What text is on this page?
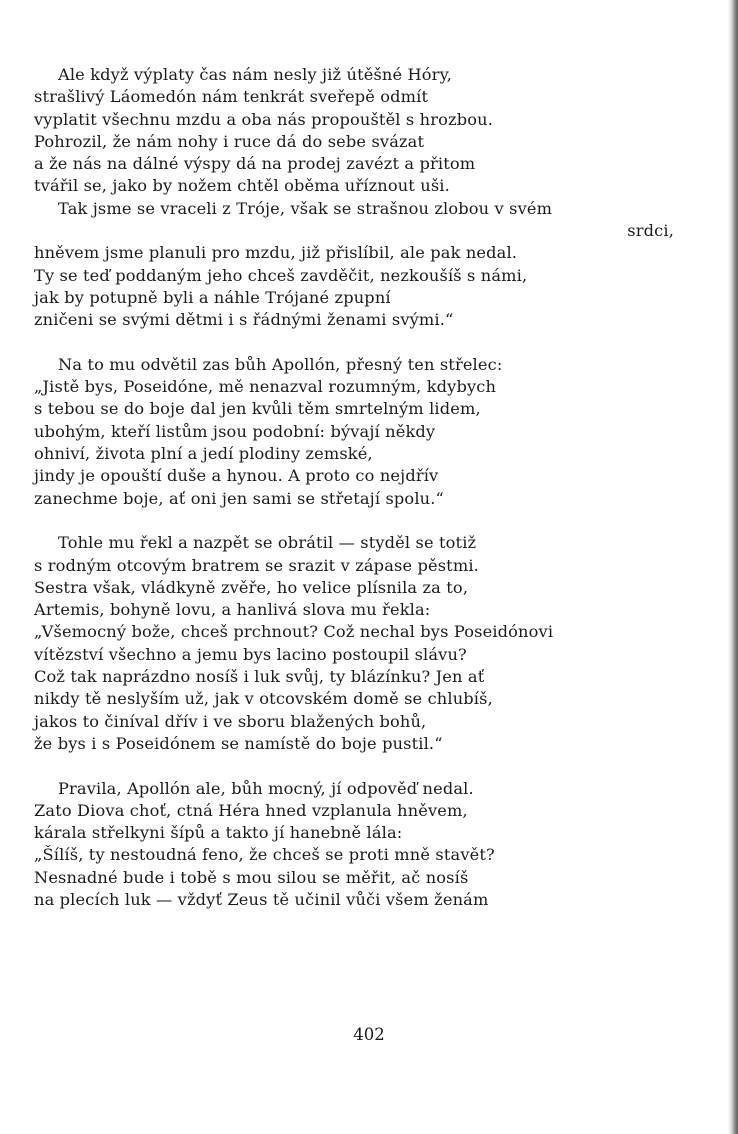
Ale když výplaty čas nám nesly již útěšné Hóry,
strašlivý Láomedón nám tenkrát sveřepě odmít
vyplatit všechnu mzdu a oba nás propouštěl s hrozbou.
Pohrozil, že nám nohy i ruce dá do sebe svázat
a že nás na dálné výspy dá na prodej zavézt a přitom
tvářil se, jako by nožem chtěl oběma uříznout uši.
Tak jsme se vraceli z Tróje, však se strašnou zlobou v svém
srdci,
hněvem jsme planuli pro mzdu, již přislíbil, ale pak nedal.
Ty se teď poddaným jeho chceš zavděčit, nezkoušíš s námi,
jak by potupně byli a náhle Trójané zpupní
zničeni se svými dětmi i s řádnými ženami svými.“
Na to mu odvětil zas bůh Apollón, přesný ten střelec:
„Jistě bys, Poseidóne, mě nenazval rozumným, kdybych
s tebou se do boje dal jen kvůli těm smrtelným lidem,
ubohým, kteří listům jsou podobní: bývají někdy
ohniví, života plní a jedí plodiny zemské,
jindy je opouští duše a hynou. A proto co nejdřív
zanechme boje, ať oni jen sami se střetají spolu.“
Tohle mu řekl a nazpět se obrátil — styděl se totiž
s rodným otcovým bratrem se srazit v zápase pěstmi.
Sestra však, vládkyně zvěře, ho velice plísnila za to,
Artemis, bohyně lovu, a hanlivá slova mu řekla:
„Všemocný bože, chceš prchnout? Což nechal bys Poseidónovi
vítězství všechno a jemu bys lacino postoupil slávu?
Což tak naprázdno nosíš i luk svůj, ty blázínku? Jen ať
nikdy tě neslyším už, jak v otcovském domě se chlubíš,
jakos to činíval dřív i ve sboru blažených bohů,
že bys i s Poseidónem se namístě do boje pustil.“
Pravila, Apollón ale, bůh mocný, jí odpověď nedal.
Zato Diova choť, ctná Héra hned vzplanula hněvem,
kárala střelkyni šípů a takto jí hanebně lála:
„Šílíš, ty nestoudná feno, že chceš se proti mně stavět?
Nesnadné bude i tobě s mou silou se měřit, ač nosíš
na plecích luk — vždyť Zeus tě učinil vůči všem ženám
402
